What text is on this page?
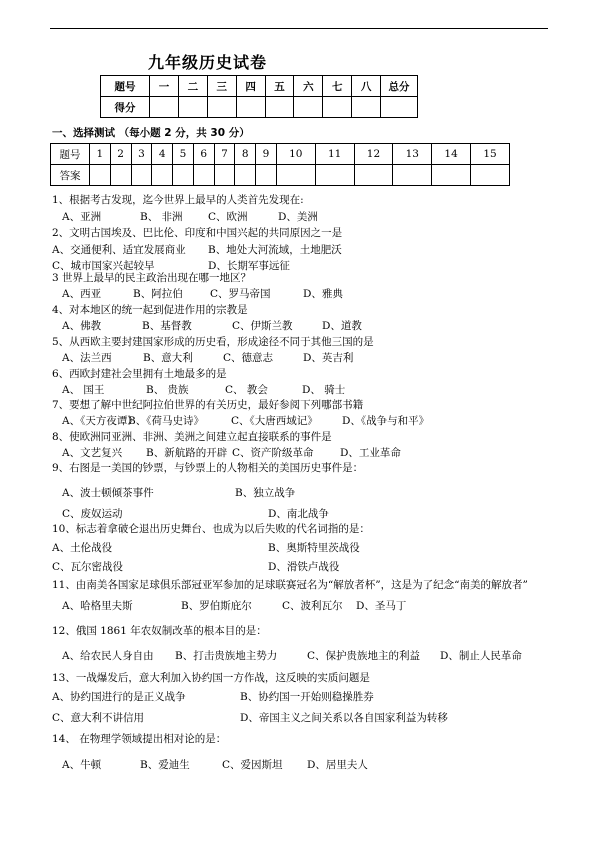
九年级历史试卷
题号	一	二	三	四	五	六	七	八	总分
得分									
一、选择测试 （每小题 2 分，共 30 分）
题号	1	2	3	4	5	6	7	8	9	10	11	12	13	14	15
答案															
1、根据考古发现，迄今世界上最早的人类首先发现在:
A、亚洲	B、 非洲 C、欧洲	D、美洲
2、文明古国埃及、巴比伦、印度和中国兴起的共同原因之一是
A、交通便利、适宜发展商业 B、地处大河流域，土地肥沃
C、城市国家兴起较早	D、长期军事远征
3 世界上最早的民主政治出现在哪一地区？
A、西亚	B、阿拉伯	C、罗马帝国	D、雅典
4、对本地区的统一起到促进作用的宗教是
A、佛教	B、基督教	C、伊斯兰教	D、道教
5、从西欧主要封建国家形成的历史看，形成途径不同于其他三国的是
A、法兰西	B、意大利	C、德意志	D、英吉利
6、西欧封建社会里拥有土地最多的是
A、 国王	B、 贵族	C、 教会	D、 骑士
7、要想了解中世纪阿拉伯世界的有关历史，最好参阅下列哪部书籍
A、《天方夜谭》
B、《荷马史诗》	C、《大唐西域记》 D、《战争与和平》
8、使欧洲同亚洲、非洲、美洲之间建立起直接联系的事件是
A、文艺复兴 B、新航路的开辟 C、资产阶级革命	D、工业革命
9、右图是一美国的钞票，与钞票上的人物相关的美国历史事件是：
A、波士顿倾茶事件	B、独立战争
C、废奴运动	D、南北战争
10、标志着拿破仑退出历史舞台、也成为以后失败的代名词指的是：
A、土伦战役	B、奥斯特里茨战役
C、瓦尔密战役	D、滑铁卢战役
11、由南美各国家足球俱乐部冠亚军参加的足球联赛冠名为“解放者杯”，这是为了纪念“南美的解放者”
A、哈格里夫斯	B、罗伯斯庇尔	C、波利瓦尔 D、圣马丁
12、俄国 1861 年农奴制改革的根本目的是：
A、给农民人身自由 B、打击贵族地主势力	C、保护贵族地主的利益 D、制止人民革命
13、一战爆发后，意大利加入协约国一方作战，这反映的实质问题是
A、协约国进行的是正义战争	B、协约国一开始则稳操胜券
C、意大利不讲信用	D、帝国主义之间关系以各自国家利益为转移
14、 在物理学领域提出相对论的是：
A、牛顿	B、爱迪生	C、爱因斯坦 D、居里夫人
